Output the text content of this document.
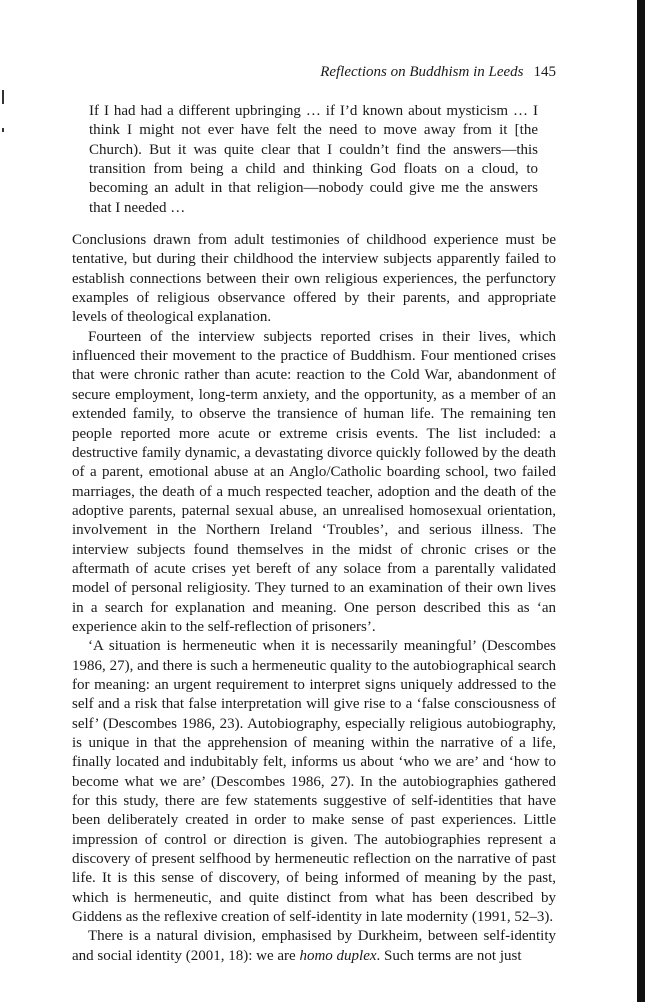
Reflections on Buddhism in Leeds 145

If I had had a different upbringing … if I’d known about mysticism … I think I might not ever have felt the need to move away from it [the Church). But it was quite clear that I couldn’t find the answers—this transition from being a child and thinking God floats on a cloud, to becoming an adult in that religion—nobody could give me the answers that I needed …

Conclusions drawn from adult testimonies of childhood experience must be tentative, but during their childhood the interview subjects apparently failed to establish connections between their own religious experiences, the perfunctory examples of religious observance offered by their parents, and appropriate levels of theological explanation.

Fourteen of the interview subjects reported crises in their lives, which influenced their movement to the practice of Buddhism. Four mentioned crises that were chronic rather than acute: reaction to the Cold War, abandonment of secure employment, long-term anxiety, and the opportunity, as a member of an extended family, to observe the transience of human life. The remaining ten people reported more acute or extreme crisis events. The list included: a destructive family dynamic, a devastating divorce quickly followed by the death of a parent, emotional abuse at an Anglo/Catholic boarding school, two failed marriages, the death of a much respected teacher, adoption and the death of the adoptive parents, paternal sexual abuse, an unrealised homosexual orientation, involvement in the Northern Ireland ‘Troubles’, and serious illness. The interview subjects found themselves in the midst of chronic crises or the aftermath of acute crises yet bereft of any solace from a parentally validated model of personal religiosity. They turned to an examination of their own lives in a search for explanation and meaning. One person described this as ‘an experience akin to the self-reflection of prisoners’.

‘A situation is hermeneutic when it is necessarily meaningful’ (Descombes 1986, 27), and there is such a hermeneutic quality to the autobiographical search for meaning: an urgent requirement to interpret signs uniquely addressed to the self and a risk that false interpretation will give rise to a ‘false consciousness of self’ (Descombes 1986, 23). Autobiography, especially religious autobiography, is unique in that the apprehension of meaning within the narrative of a life, finally located and indubitably felt, informs us about ‘who we are’ and ‘how to become what we are’ (Descombes 1986, 27). In the autobiographies gathered for this study, there are few statements suggestive of self-identities that have been deliberately created in order to make sense of past experiences. Little impression of control or direction is given. The autobiographies represent a discovery of present selfhood by hermeneutic reflection on the narrative of past life. It is this sense of discovery, of being informed of meaning by the past, which is hermeneutic, and quite distinct from what has been described by Giddens as the reflexive creation of self-identity in late modernity (1991, 52–3).

There is a natural division, emphasised by Durkheim, between self-identity and social identity (2001, 18): we are homo duplex. Such terms are not just
